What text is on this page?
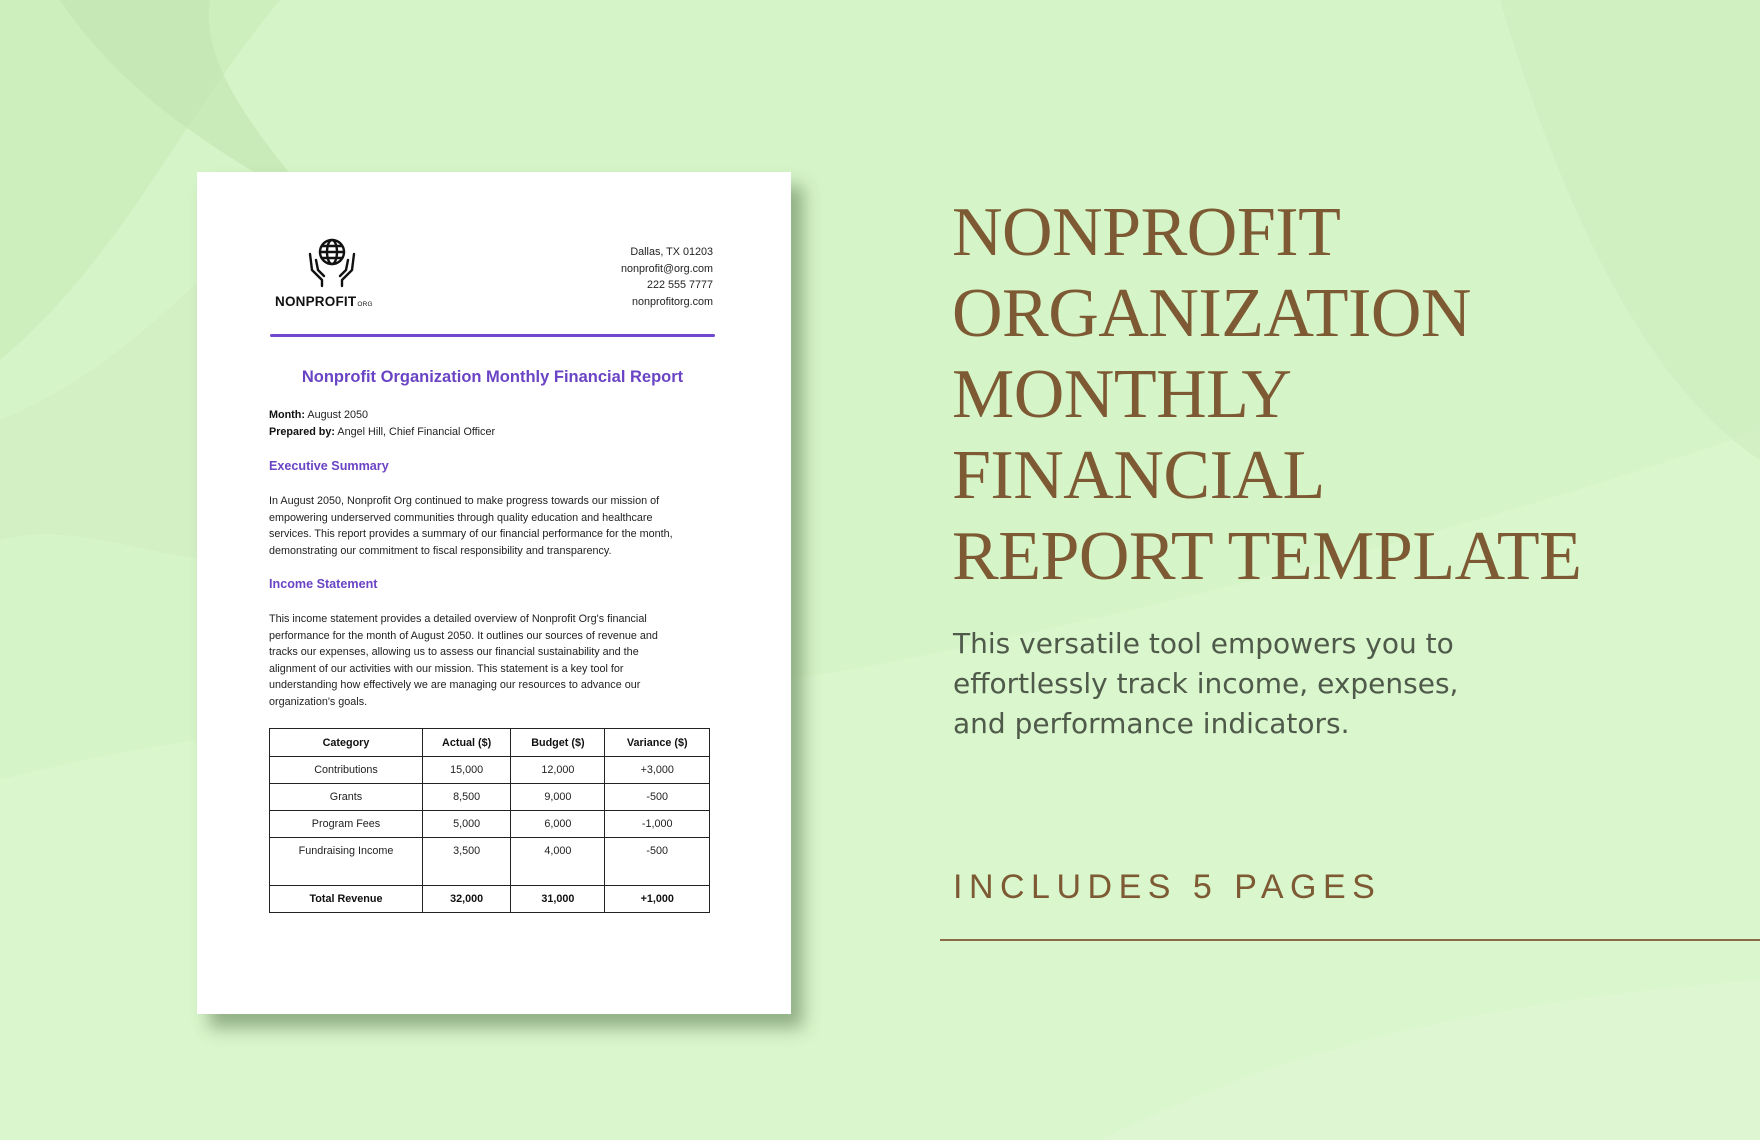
NONPROFITORG
Dallas, TX 01203
nonprofit@org.com
222 555 7777
nonprofitorg.com
Nonprofit Organization Monthly Financial Report
Month: August 2050
Prepared by: Angel Hill, Chief Financial Officer
Executive Summary
In August 2050, Nonprofit Org continued to make progress towards our mission of
empowering underserved communities through quality education and healthcare
services. This report provides a summary of our financial performance for the month,
demonstrating our commitment to fiscal responsibility and transparency.
Income Statement
This income statement provides a detailed overview of Nonprofit Org's financial
performance for the month of August 2050. It outlines our sources of revenue and
tracks our expenses, allowing us to assess our financial sustainability and the
alignment of our activities with our mission. This statement is a key tool for
understanding how effectively we are managing our resources to advance our
organization's goals.
Category	Actual ($)	Budget ($)	Variance ($)
Contributions	15,000	12,000	+3,000
Grants	8,500	9,000	-500
Program Fees	5,000	6,000	-1,000
Fundraising Income	3,500	4,000	-500
Total Revenue	32,000	31,000	+1,000
NONPROFIT
ORGANIZATION
MONTHLY
FINANCIAL
REPORT TEMPLATE
This versatile tool empowers you to
effortlessly track income, expenses,
and performance indicators.
INCLUDES 5 PAGES
